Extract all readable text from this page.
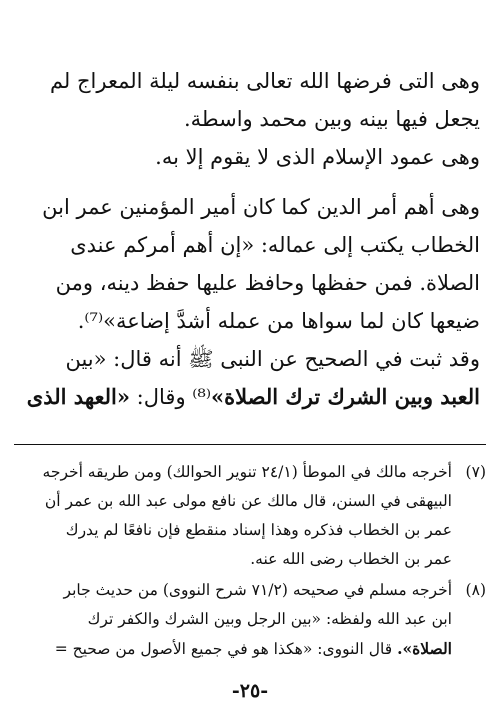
وهى التى فرضها الله تعالى بنفسه ليلة المعراج لم
يجعل فيها بينه وبين محمد واسطة.

وهى عمود الإسلام الذى لا يقوم إلا به.

وهى أهم أمر الدين كما كان أمير المؤمنين عمر ابن
الخطاب يكتب إلى عماله: «إن أهم أمركم عندى
الصلاة. فمن حفظها وحافظ عليها حفظ دينه، ومن
ضيعها كان لما سواها من عمله أشدَّ إضاعة»⁽⁷⁾.

وقد ثبت في الصحيح عن النبى ﷺ أنه قال: «بين
العبد وبين الشرك ترك الصلاة»⁽⁸⁾ وقال: «العهد الذى

(٧)
أخرجه مالك في الموطأ (٢٤/١ تنوير الحوالك) ومن طريقه أخرجه
البيهقى في السنن، قال مالك عن نافع مولى عبد الله بن عمر أن
عمر بن الخطاب فذكره وهذا إسناد منقطع فإن نافعًا لم يدرك
عمر بن الخطاب رضى الله عنه.
(٨)
أخرجه مسلم في صحيحه (٧١/٢ شرح النووى) من حديث جابر
ابن عبد الله ولفظه: «بين الرجل وبين الشرك والكفر ترك
الصلاة». قال النووى: «هكذا هو في جميع الأصول من صحيح =
-٢٥-
